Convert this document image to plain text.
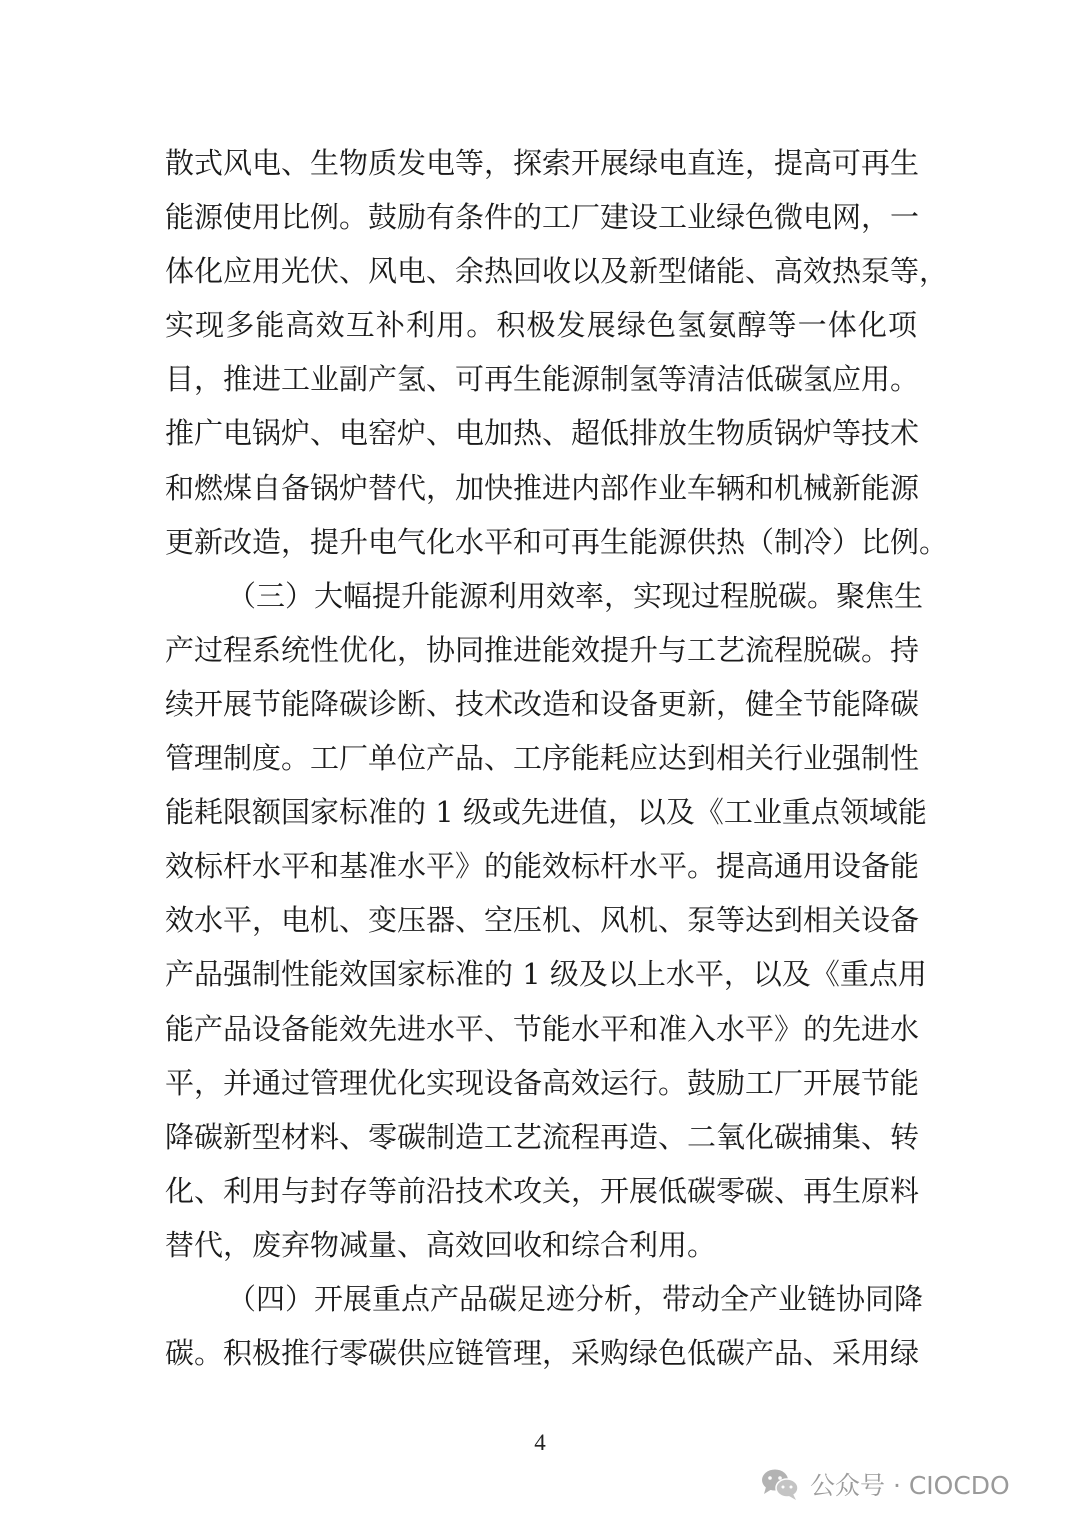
散式风电、生物质发电等，探索开展绿电直连，提高可再生
能源使用比例。鼓励有条件的工厂建设工业绿色微电网，一
体化应用光伏、风电、余热回收以及新型储能、高效热泵等，
实现多能高效互补利用。积极发展绿色氢氨醇等一体化项
目，推进工业副产氢、可再生能源制氢等清洁低碳氢应用。
推广电锅炉、电窑炉、电加热、超低排放生物质锅炉等技术
和燃煤自备锅炉替代，加快推进内部作业车辆和机械新能源
更新改造，提升电气化水平和可再生能源供热（制冷）比例。
（三）大幅提升能源利用效率，实现过程脱碳。聚焦生
产过程系统性优化，协同推进能效提升与工艺流程脱碳。持
续开展节能降碳诊断、技术改造和设备更新，健全节能降碳
管理制度。工厂单位产品、工序能耗应达到相关行业强制性
能耗限额国家标准的 1 级或先进值，以及《工业重点领域能
效标杆水平和基准水平》的能效标杆水平。提高通用设备能
效水平，电机、变压器、空压机、风机、泵等达到相关设备
产品强制性能效国家标准的 1 级及以上水平，以及《重点用
能产品设备能效先进水平、节能水平和准入水平》的先进水
平，并通过管理优化实现设备高效运行。鼓励工厂开展节能
降碳新型材料、零碳制造工艺流程再造、二氧化碳捕集、转
化、利用与封存等前沿技术攻关，开展低碳零碳、再生原料
替代，废弃物减量、高效回收和综合利用。
（四）开展重点产品碳足迹分析，带动全产业链协同降
碳。积极推行零碳供应链管理，采购绿色低碳产品、采用绿
4
公众号 · CIOCDO
